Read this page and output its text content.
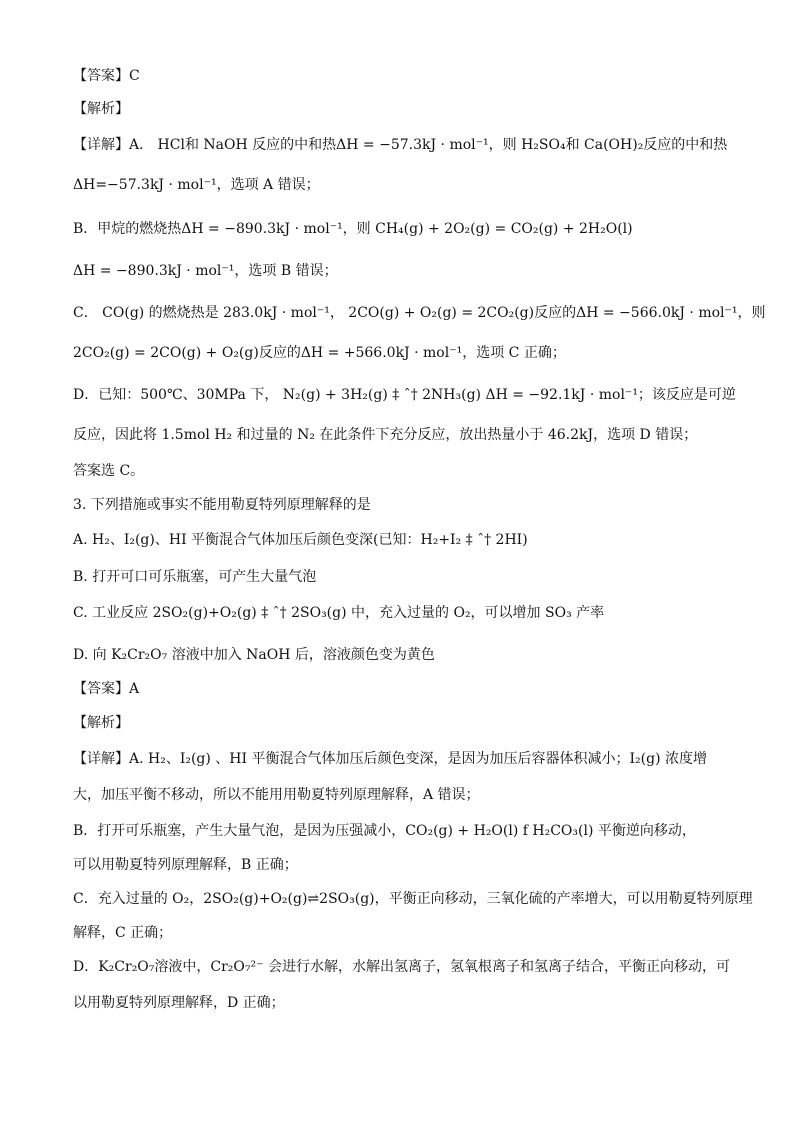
【答案】C
【解析】
【详解】A． HCl和 NaOH 反应的中和热ΔH = −57.3kJ · mol⁻¹，则 H₂SO₄和 Ca(OH)₂反应的中和热
ΔH=−57.3kJ · mol⁻¹，选项 A 错误；
B．甲烷的燃烧热ΔH = −890.3kJ · mol⁻¹，则 CH₄(g) + 2O₂(g) = CO₂(g) + 2H₂O(l)
ΔH = −890.3kJ · mol⁻¹，选项 B 错误；
C． CO(g) 的燃烧热是 283.0kJ · mol⁻¹， 2CO(g) + O₂(g) = 2CO₂(g)反应的ΔH = −566.0kJ · mol⁻¹，则
2CO₂(g) = 2CO(g) + O₂(g)反应的ΔH = +566.0kJ · mol⁻¹，选项 C 正确；
D．已知：500℃、30MPa 下， N₂(g) + 3H₂(g) ‡ ˆ† 2NH₃(g) ΔH = −92.1kJ · mol⁻¹；该反应是可逆
反应，因此将 1.5mol H₂ 和过量的 N₂ 在此条件下充分反应，放出热量小于 46.2kJ，选项 D 错误；
答案选 C。
3. 下列措施或事实不能用勒夏特列原理解释的是
A. H₂、I₂(g)、HI 平衡混合气体加压后颜色变深(已知：H₂+I₂ ‡ ˆ† 2HI)
B. 打开可口可乐瓶塞，可产生大量气泡
C. 工业反应 2SO₂(g)+O₂(g) ‡ ˆ† 2SO₃(g) 中，充入过量的 O₂，可以增加 SO₃ 产率
D. 向 K₂Cr₂O₇ 溶液中加入 NaOH 后，溶液颜色变为黄色
【答案】A
【解析】
【详解】A. H₂、I₂(g) 、HI 平衡混合气体加压后颜色变深，是因为加压后容器体积减小；I₂(g) 浓度增
大，加压平衡不移动，所以不能用用勒夏特列原理解释，A 错误；
B．打开可乐瓶塞，产生大量气泡，是因为压强减小，CO₂(g) + H₂O(l) f H₂CO₃(l) 平衡逆向移动，
可以用勒夏特列原理解释，B 正确；
C．充入过量的 O₂，2SO₂(g)+O₂(g)⇌2SO₃(g)，平衡正向移动，三氧化硫的产率增大，可以用勒夏特列原理
解释，C 正确；
D．K₂Cr₂O₇溶液中，Cr₂O₇²⁻ 会进行水解，水解出氢离子，氢氧根离子和氢离子结合，平衡正向移动，可
以用勒夏特列原理解释，D 正确；
